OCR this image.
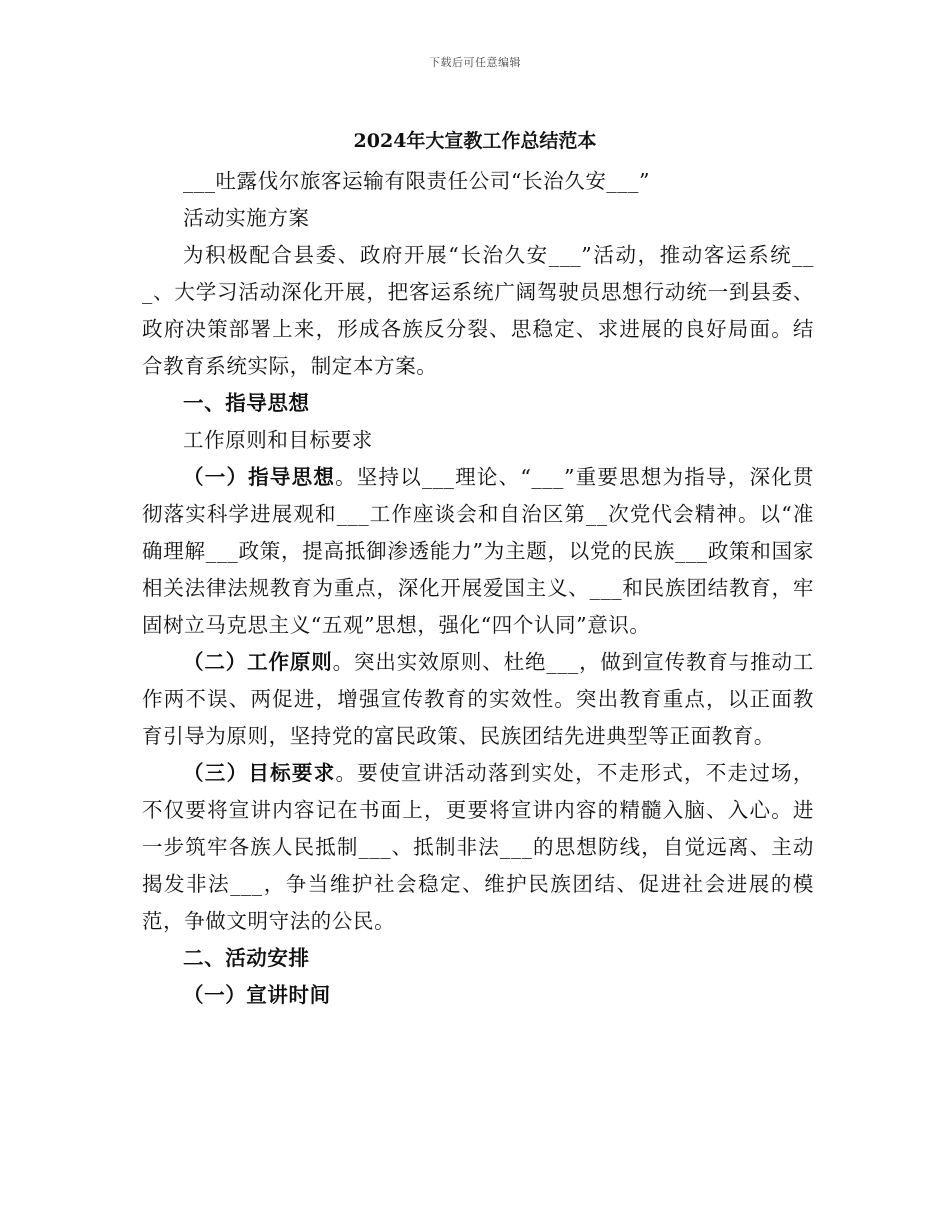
下载后可任意编辑
2024年大宣教工作总结范本

___吐露伐尔旅客运输有限责任公司“长治久安___”

活动实施方案

为积极配合县委、政府开展“长治久安___”活动，推动客运系统___、大学习活动深化开展，把客运系统广阔驾驶员思想行动统一到县委、政府决策部署上来，形成各族反分裂、思稳定、求进展的良好局面。结合教育系统实际，制定本方案。

一、指导思想

工作原则和目标要求

（一）指导思想。坚持以___理论、“___”重要思想为指导，深化贯彻落实科学进展观和___工作座谈会和自治区第__次党代会精神。以“准确理解___政策，提高抵御渗透能力”为主题，以党的民族___政策和国家相关法律法规教育为重点，深化开展爱国主义、___和民族团结教育，牢固树立马克思主义“五观”思想，强化“四个认同”意识。

（二）工作原则。突出实效原则、杜绝___，做到宣传教育与推动工作两不误、两促进，增强宣传教育的实效性。突出教育重点，以正面教育引导为原则，坚持党的富民政策、民族团结先进典型等正面教育。

（三）目标要求。要使宣讲活动落到实处，不走形式，不走过场，不仅要将宣讲内容记在书面上，更要将宣讲内容的精髓入脑、入心。进一步筑牢各族人民抵制___、抵制非法___的思想防线，自觉远离、主动揭发非法___，争当维护社会稳定、维护民族团结、促进社会进展的模范，争做文明守法的公民。

二、活动安排

（一）宣讲时间
